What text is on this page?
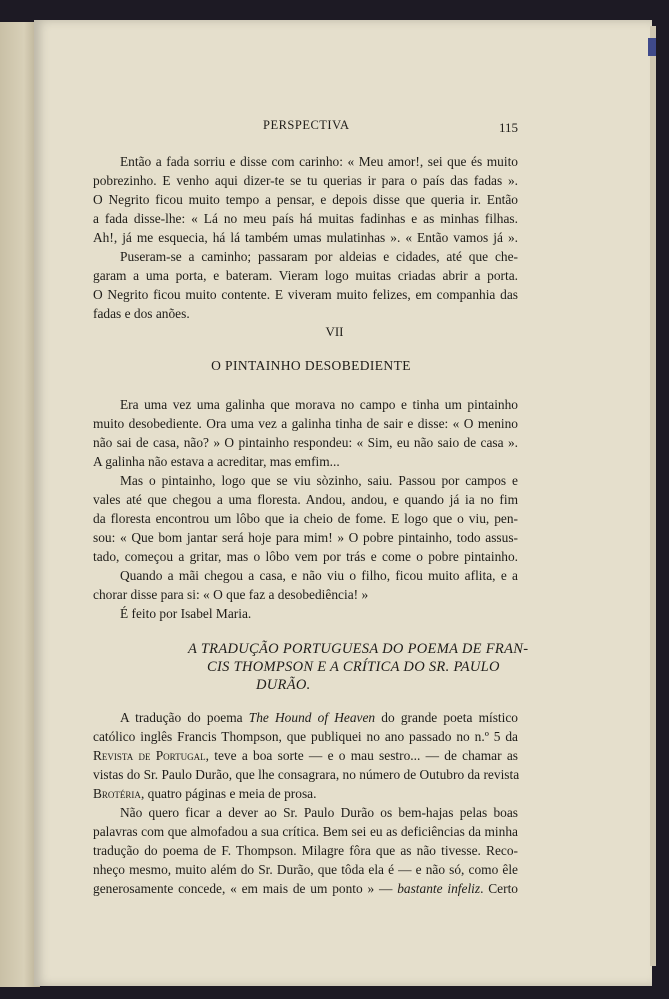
PERSPECTIVA	115
Então a fada sorriu e disse com carinho: « Meu amor!, sei que és muito
pobrezinho. E venho aqui dizer-te se tu querias ir para o país das fadas ».
O Negrito ficou muito tempo a pensar, e depois disse que queria ir. Então
a fada disse-lhe: « Lá no meu país há muitas fadinhas e as minhas filhas.
Ah!, já me esquecia, há lá também umas mulatinhas ». « Então vamos já ».
Puseram-se a caminho; passaram por aldeias e cidades, até que che-
garam a uma porta, e bateram. Vieram logo muitas criadas abrir a porta.
O Negrito ficou muito contente. E viveram muito felizes, em companhia das
fadas e dos anões.
VII
O PINTAINHO DESOBEDIENTE
Era uma vez uma galinha que morava no campo e tinha um pintainho
muito desobediente. Ora uma vez a galinha tinha de sair e disse: « O menino
não sai de casa, não? » O pintainho respondeu: « Sim, eu não saio de casa ».
A galinha não estava a acreditar, mas emfim...
Mas o pintainho, logo que se viu sòzinho, saiu. Passou por campos e
vales até que chegou a uma floresta. Andou, andou, e quando já ia no fim
da floresta encontrou um lôbo que ia cheio de fome. E logo que o viu, pen-
sou: « Que bom jantar será hoje para mim! » O pobre pintainho, todo assus-
tado, começou a gritar, mas o lôbo vem por trás e come o pobre pintainho.
Quando a mãi chegou a casa, e não viu o filho, ficou muito aflita, e a
chorar disse para si: « O que faz a desobediência! »
É feito por Isabel Maria.
A TRADUÇÃO PORTUGUESA DO POEMA DE FRAN-
CIS THOMPSON E A CRÍTICA DO SR. PAULO
DURÃO.
A tradução do poema The Hound of Heaven do grande poeta místico
católico inglês Francis Thompson, que publiquei no ano passado no n.º 5 da
Revista de Portugal, teve a boa sorte — e o mau sestro... — de chamar as
vistas do Sr. Paulo Durão, que lhe consagrara, no número de Outubro da revista
Brotéria, quatro páginas e meia de prosa.
Não quero ficar a dever ao Sr. Paulo Durão os bem-hajas pelas boas
palavras com que almofadou a sua crítica. Bem sei eu as deficiências da minha
tradução do poema de F. Thompson. Milagre fôra que as não tivesse. Reco-
nheço mesmo, muito além do Sr. Durão, que tôda ela é — e não só, como êle
generosamente concede, « em mais de um ponto » — bastante infeliz. Certo
